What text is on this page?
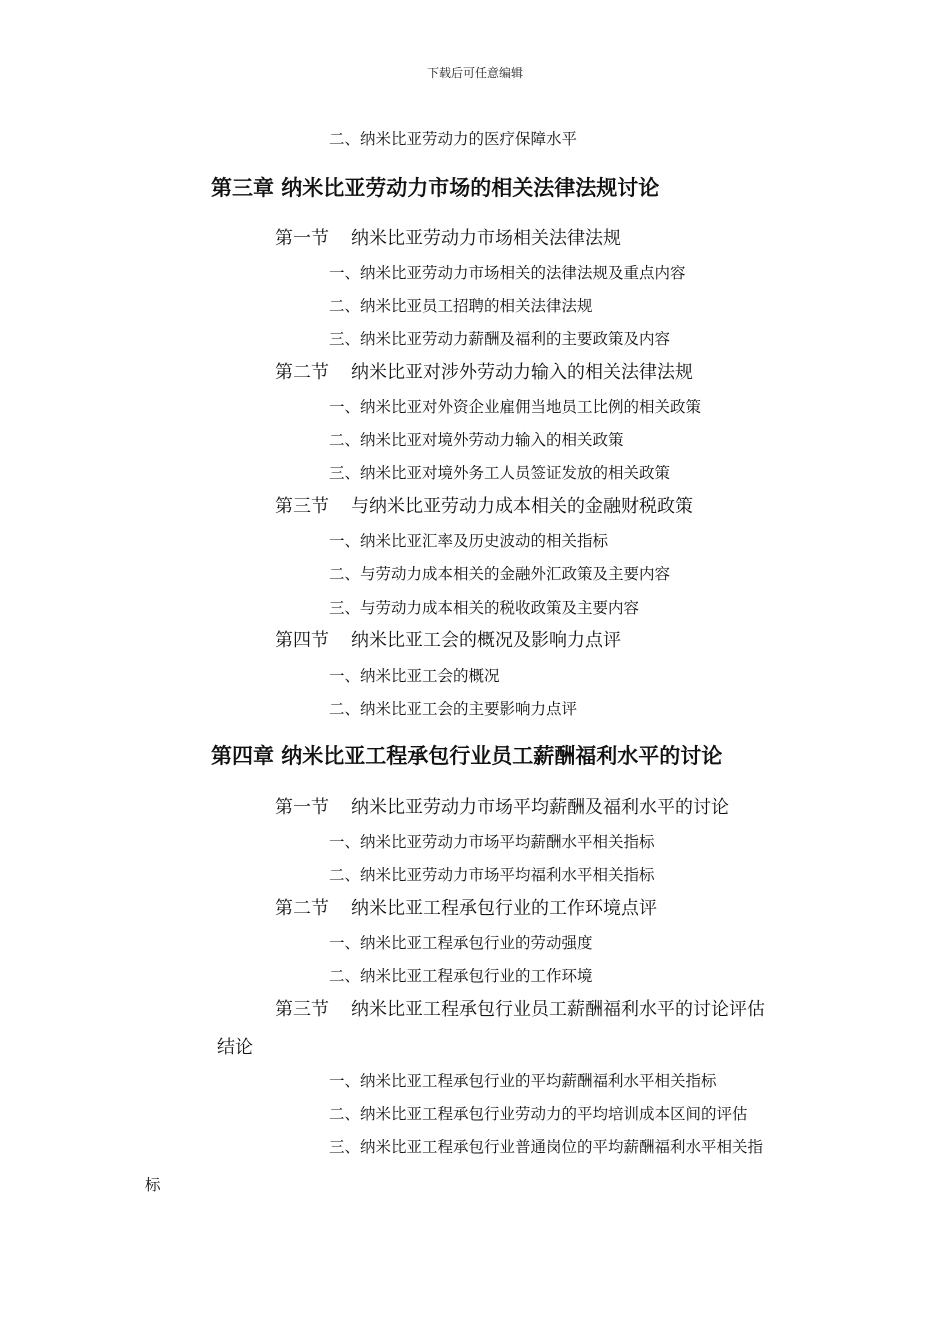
下载后可任意编辑
二、纳米比亚劳动力的医疗保障水平
第三章 纳米比亚劳动力市场的相关法律法规讨论
第一节 纳米比亚劳动力市场相关法律法规
一、纳米比亚劳动力市场相关的法律法规及重点内容
二、纳米比亚员工招聘的相关法律法规
三、纳米比亚劳动力薪酬及福利的主要政策及内容
第二节 纳米比亚对涉外劳动力输入的相关法律法规
一、纳米比亚对外资企业雇佣当地员工比例的相关政策
二、纳米比亚对境外劳动力输入的相关政策
三、纳米比亚对境外务工人员签证发放的相关政策
第三节 与纳米比亚劳动力成本相关的金融财税政策
一、纳米比亚汇率及历史波动的相关指标
二、与劳动力成本相关的金融外汇政策及主要内容
三、与劳动力成本相关的税收政策及主要内容
第四节 纳米比亚工会的概况及影响力点评
一、纳米比亚工会的概况
二、纳米比亚工会的主要影响力点评
第四章 纳米比亚工程承包行业员工薪酬福利水平的讨论
第一节 纳米比亚劳动力市场平均薪酬及福利水平的讨论
一、纳米比亚劳动力市场平均薪酬水平相关指标
二、纳米比亚劳动力市场平均福利水平相关指标
第二节 纳米比亚工程承包行业的工作环境点评
一、纳米比亚工程承包行业的劳动强度
二、纳米比亚工程承包行业的工作环境
第三节 纳米比亚工程承包行业员工薪酬福利水平的讨论评估
结论
一、纳米比亚工程承包行业的平均薪酬福利水平相关指标
二、纳米比亚工程承包行业劳动力的平均培训成本区间的评估
三、纳米比亚工程承包行业普通岗位的平均薪酬福利水平相关指
标
